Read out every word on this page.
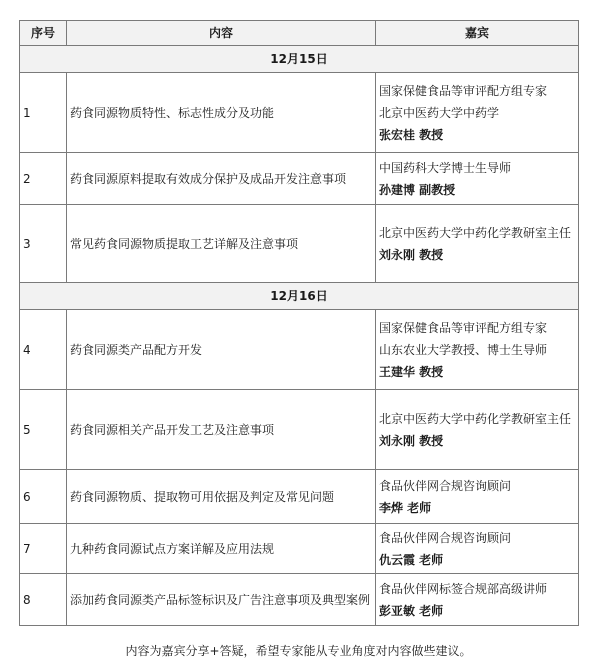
序号	内容	嘉宾
12月15日		
1	药食同源物质特性、标志性成分及功能	国家保健食品等审评配方组专家
北京中医药大学中药学
张宏桂 教授

2	药食同源原料提取有效成分保护及成品开发注意事项	中国药科大学博士生导师
孙建博 副教授

3	常见药食同源物质提取工艺详解及注意事项	北京中医药大学中药化学教研室主任
刘永刚 教授

12月16日		
4	药食同源类产品配方开发	国家保健食品等审评配方组专家
山东农业大学教授、博士生导师
王建华 教授

5	药食同源相关产品开发工艺及注意事项	北京中医药大学中药化学教研室主任
刘永刚 教授

6	药食同源物质、提取物可用依据及判定及常见问题	食品伙伴网合规咨询顾问
李烨 老师

7	九种药食同源试点方案详解及应用法规	食品伙伴网合规咨询顾问
仇云霞 老师

8	添加药食同源类产品标签标识及广告注意事项及典型案例	食品伙伴网标签合规部高级讲师
彭亚敏 老师
内容为嘉宾分享+答疑，希望专家能从专业角度对内容做些建议。
